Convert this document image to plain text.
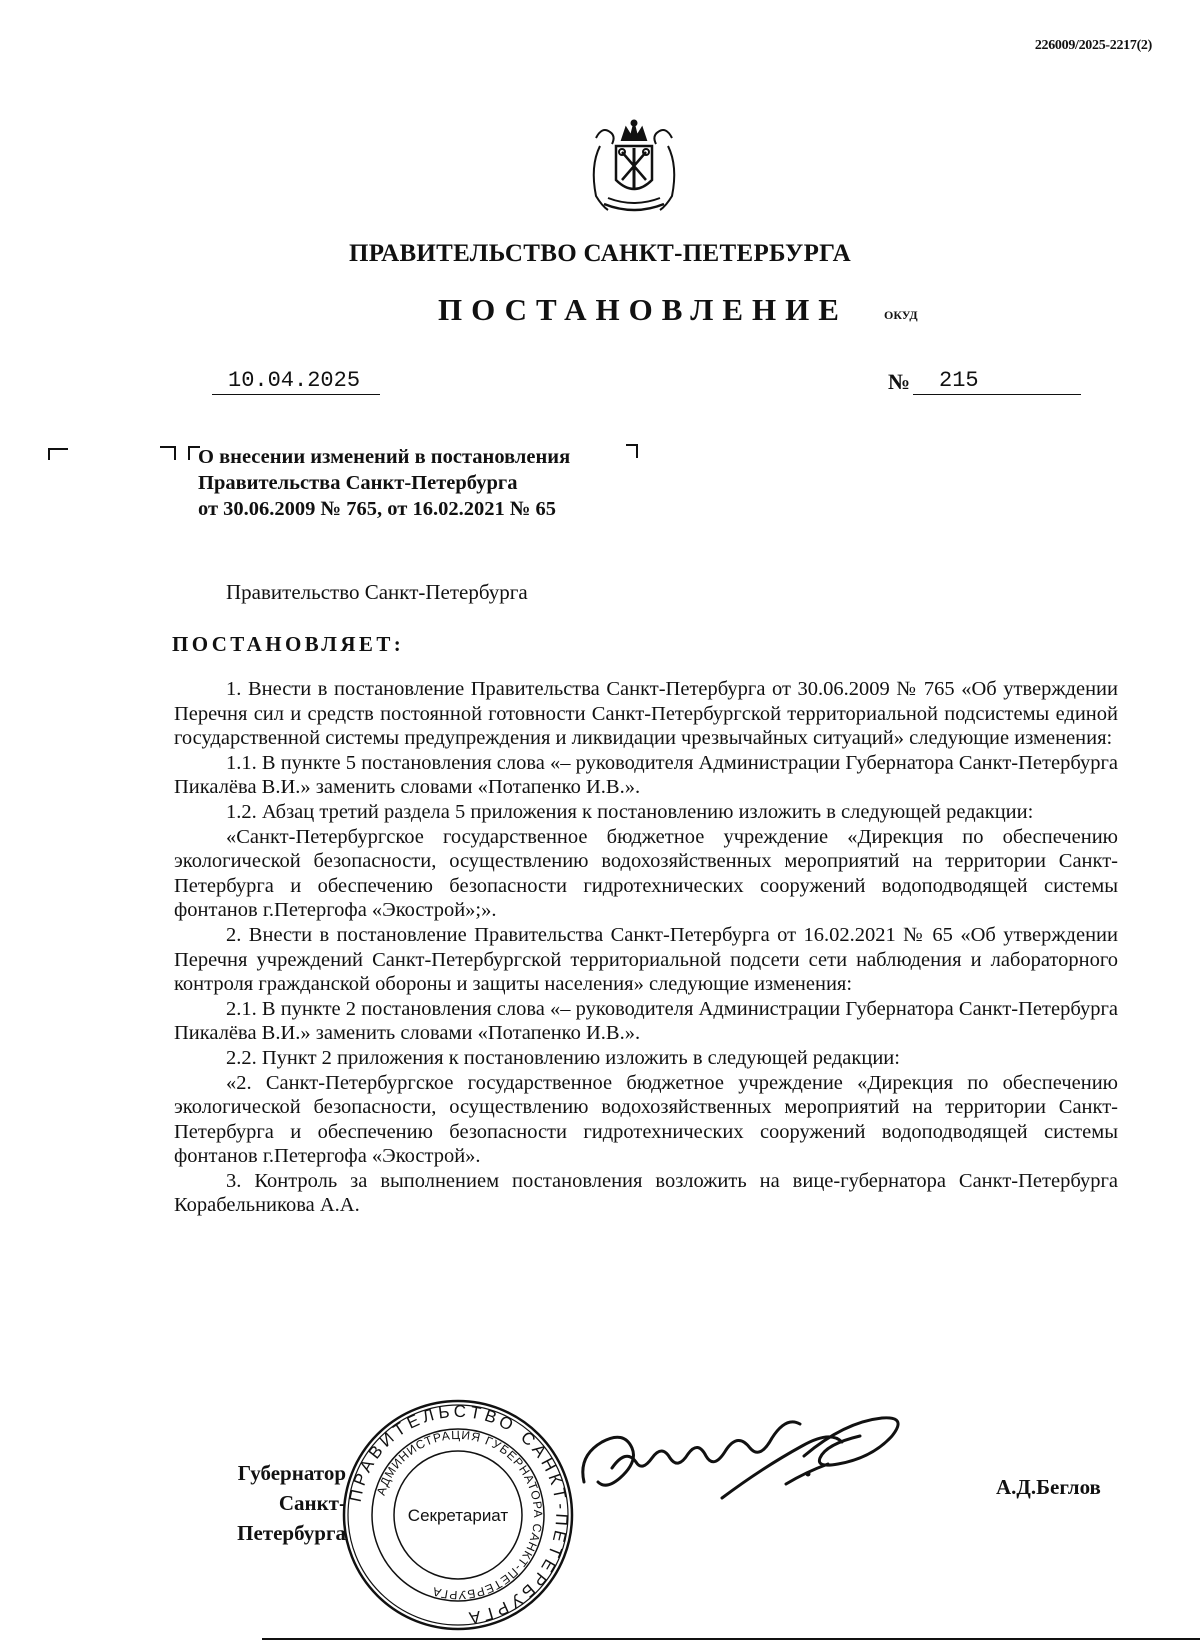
226009/2025-2217(2)
ПРАВИТЕЛЬСТВО САНКТ-ПЕТЕРБУРГА
ПОСТАНОВЛЕНИЕ	ОКУД
10.04.2025	№	215
О внесении изменений в постановления
Правительства Санкт-Петербурга
от 30.06.2009 № 765, от 16.02.2021 № 65
Правительство Санкт-Петербурга
ПОСТАНОВЛЯЕТ:

1. Внести в постановление Правительства Санкт-Петербурга от 30.06.2009 № 765 «Об утверждении Перечня сил и средств постоянной готовности Санкт-Петербургской территориальной подсистемы единой государственной системы предупреждения и ликвидации чрезвычайных ситуаций» следующие изменения:

1.1. В пункте 5 постановления слова «– руководителя Администрации Губернатора Санкт-Петербурга Пикалёва В.И.» заменить словами «Потапенко И.В.».

1.2. Абзац третий раздела 5 приложения к постановлению изложить в следующей редакции:

«Санкт-Петербургское государственное бюджетное учреждение «Дирекция по обеспечению экологической безопасности, осуществлению водохозяйственных мероприятий на территории Санкт-Петербурга и обеспечению безопасности гидротехнических сооружений водоподводящей системы фонтанов г.Петергофа «Экострой»;».

2. Внести в постановление Правительства Санкт-Петербурга от 16.02.2021 № 65 «Об утверждении Перечня учреждений Санкт-Петербургской территориальной подсети сети наблюдения и лабораторного контроля гражданской обороны и защиты населения» следующие изменения:

2.1. В пункте 2 постановления слова «– руководителя Администрации Губернатора Санкт-Петербурга Пикалёва В.И.» заменить словами «Потапенко И.В.».

2.2. Пункт 2 приложения к постановлению изложить в следующей редакции:

«2. Санкт-Петербургское государственное бюджетное учреждение «Дирекция по обеспечению экологической безопасности, осуществлению водохозяйственных мероприятий на территории Санкт-Петербурга и обеспечению безопасности гидротехнических сооружений водоподводящей системы фонтанов г.Петергофа «Экострой».

3. Контроль за выполнением постановления возложить на вице-губернатора Санкт-Петербурга Корабельникова А.А.

Губернатор
Санкт-Петербурга
ПРАВИТЕЛЬСТВО САНКТ-ПЕТЕРБУРГА
АДМИНИСТРАЦИЯ ГУБЕРНАТОРА САНКТ-ПЕТЕРБУРГА
Секретариат
А.Д.Беглов
